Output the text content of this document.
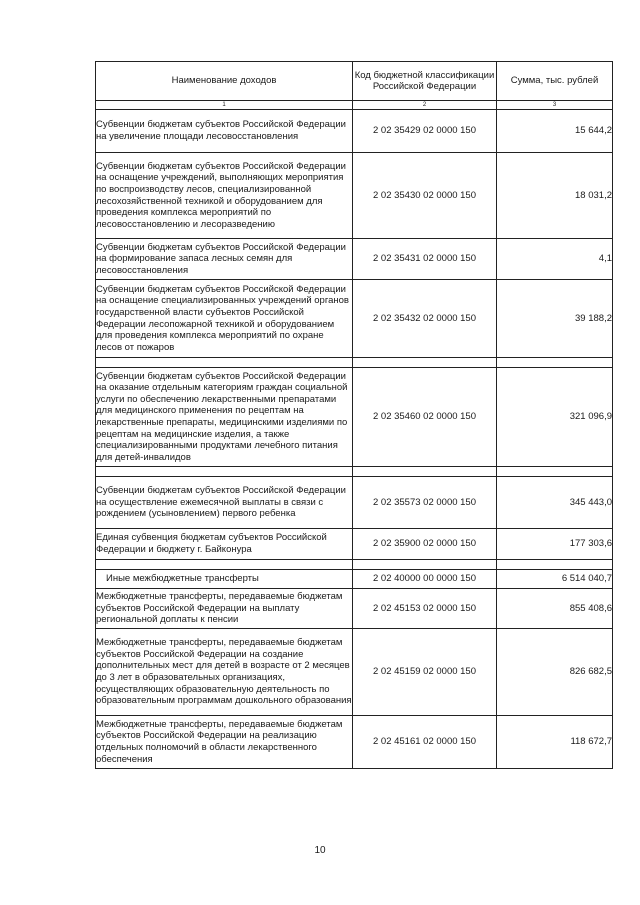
Наименование доходов	Код бюджетной классификации Российской Федерации	Сумма, тыс. рублей
1	2	3
Субвенции бюджетам субъектов Российской Федерации на увеличение площади лесовосстановления	2 02 35429 02 0000 150	15 644,2
Субвенции бюджетам субъектов Российской Федерации на оснащение учреждений, выполняющих мероприятия по воспроизводству лесов, специализированной лесохозяйственной техникой и оборудованием для проведения комплекса мероприятий по лесовосстановлению и лесоразведению	2 02 35430 02 0000 150	18 031,2
Субвенции бюджетам субъектов Российской Федерации на формирование запаса лесных семян для лесовосстановления	2 02 35431 02 0000 150	4,1
Субвенции бюджетам субъектов Российской Федерации на оснащение специализированных учреждений органов государственной власти субъектов Российской Федерации лесопожарной техникой и оборудованием для проведения комплекса мероприятий по охране лесов от пожаров	2 02 35432 02 0000 150	39 188,2

Субвенции бюджетам субъектов Российской Федерации на оказание отдельным категориям граждан социальной услуги по обеспечению лекарственными препаратами для медицинского применения по рецептам на лекарственные препараты, медицинскими изделиями по рецептам на медицинские изделия, а также специализированными продуктами лечебного питания для детей-инвалидов	2 02 35460 02 0000 150	321 096,9

Субвенции бюджетам субъектов Российской Федерации на осуществление ежемесячной выплаты в связи с рождением (усыновлением) первого ребенка	2 02 35573 02 0000 150	345 443,0
Единая субвенция бюджетам субъектов Российской Федерации и бюджету г. Байконура	2 02 35900 02 0000 150	177 303,6

Иные межбюджетные трансферты	2 02 40000 00 0000 150	6 514 040,7
Межбюджетные трансферты, передаваемые бюджетам субъектов Российской Федерации на выплату региональной доплаты к пенсии	2 02 45153 02 0000 150	855 408,6
Межбюджетные трансферты, передаваемые бюджетам субъектов Российской Федерации на создание дополнительных мест для детей в возрасте от 2 месяцев до 3 лет в образовательных организациях, осуществляющих образовательную деятельность по образовательным программам дошкольного образования	2 02 45159 02 0000 150	826 682,5
Межбюджетные трансферты, передаваемые бюджетам субъектов Российской Федерации на реализацию отдельных полномочий в области лекарственного обеспечения	2 02 45161 02 0000 150	118 672,7
10
